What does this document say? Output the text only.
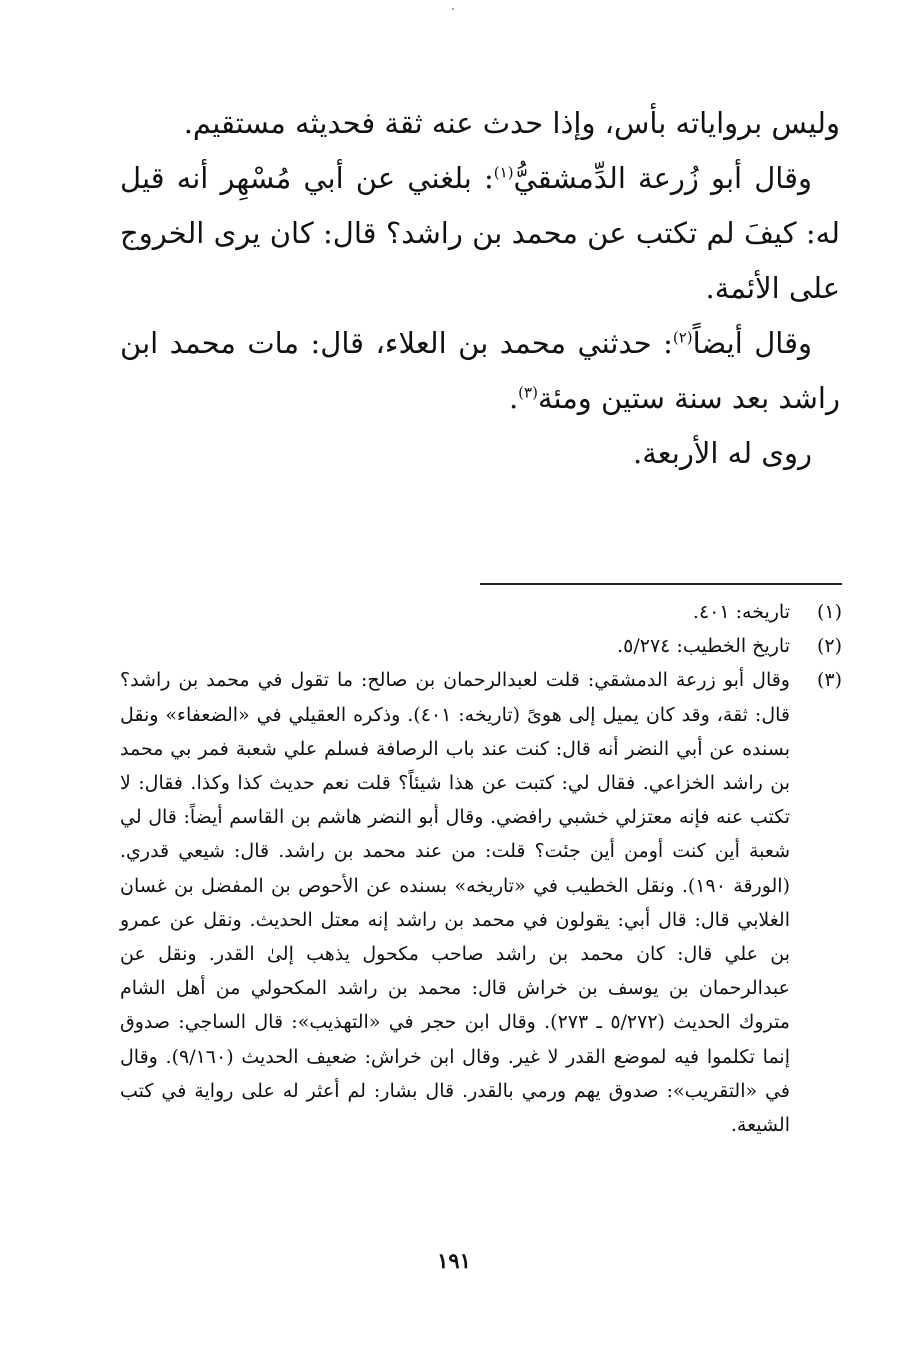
وليس برواياته بأس، وإذا حدث عنه ثقة فحديثه مستقيم.

وقال أبو زُرعة الدِّمشقيُّ$^{(١)}$: بلغني عن أبي مُسْهِر أنه قيل له: كيفَ لم تكتب عن محمد بن راشد؟ قال: كان يرى الخروج على الأئمة.

وقال أيضاً$^{(٢)}$: حدثني محمد بن العلاء، قال: مات محمد ابن راشد بعد سنة ستين ومئة$^{(٣)}$.

روى له الأربعة.

(١)
تاريخه: ٤٠١.
(٢)
تاريخ الخطيب: ٥/٢٧٤.
(٣)
وقال أبو زرعة الدمشقي: قلت لعبدالرحمان بن صالح: ما تقول في محمد بن راشد؟ قال: ثقة، وقد كان يميل إلى هوىً (تاريخه: ٤٠١). وذكره العقيلي في «الضعفاء» ونقل بسنده عن أبي النضر أنه قال: كنت عند باب الرصافة فسلم علي شعبة فمر بي محمد بن راشد الخزاعي. فقال لي: كتبت عن هذا شيئاً؟ قلت نعم حديث كذا وكذا. فقال: لا تكتب عنه فإنه معتزلي خشبي رافضي. وقال أبو النضر هاشم بن القاسم أيضاً: قال لي شعبة أين كنت أومن أين جئت؟ قلت: من عند محمد بن راشد. قال: شيعي قدري. (الورقة ١٩٠). ونقل الخطيب في «تاريخه» بسنده عن الأحوص بن المفضل بن غسان الغلابي قال: قال أبي: يقولون في محمد بن راشد إنه معتل الحديث. ونقل عن عمرو بن علي قال: كان محمد بن راشد صاحب مكحول يذهب إلىٰ القدر. ونقل عن عبدالرحمان بن يوسف بن خراش قال: محمد بن راشد المكحولي من أهل الشام متروك الحديث (٥/٢٧٢ ـ ٢٧٣). وقال ابن حجر في «التهذيب»: قال الساجي: صدوق إنما تكلموا فيه لموضع القدر لا غير. وقال ابن خراش: ضعيف الحديث (٩/١٦٠). وقال في «التقريب»: صدوق يهم ورمي بالقدر. قال بشار: لم أعثر له على رواية في كتب الشيعة.
١٩١
